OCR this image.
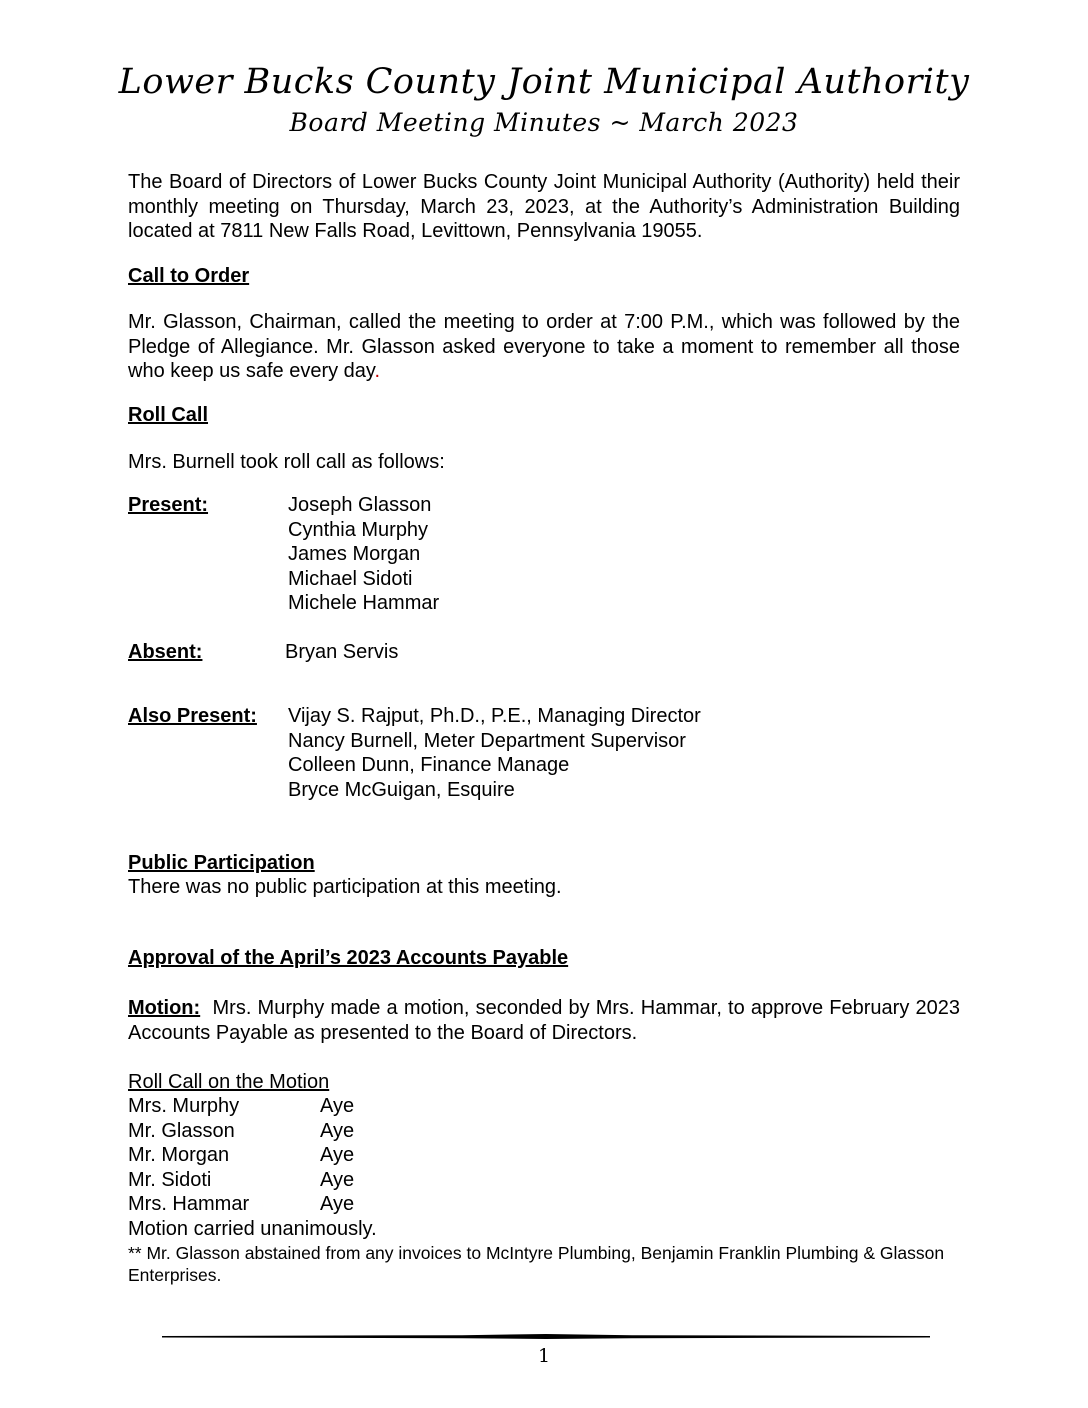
Lower Bucks County Joint Municipal Authority
Board Meeting Minutes ~ March 2023
The Board of Directors of Lower Bucks County Joint Municipal Authority (Authority) held their monthly meeting on Thursday, March 23, 2023, at the Authority’s Administration Building located at 7811 New Falls Road, Levittown, Pennsylvania 19055.
Call to Order
Mr. Glasson, Chairman, called the meeting to order at 7:00 P.M., which was followed by the Pledge of Allegiance. Mr. Glasson asked everyone to take a moment to remember all those who keep us safe every day.
Roll Call
Mrs. Burnell took roll call as follows:
Present:	Joseph Glasson
Cynthia Murphy
James Morgan
Michael Sidoti
Michele Hammar
Absent:	Bryan Servis
Also Present: Vijay S. Rajput, Ph.D., P.E., Managing Director
Nancy Burnell, Meter Department Supervisor
Colleen Dunn, Finance Manage
Bryce McGuigan, Esquire
Public Participation
There was no public participation at this meeting.
Approval of the April’s 2023 Accounts Payable
Motion: Mrs. Murphy made a motion, seconded by Mrs. Hammar, to approve February 2023 Accounts Payable as presented to the Board of Directors.
Roll Call on the Motion
Mrs. Murphy	Aye
Mr. Glasson	Aye
Mr. Morgan	Aye
Mr. Sidoti	Aye
Mrs. Hammar	Aye
Motion carried unanimously.
** Mr. Glasson abstained from any invoices to McIntyre Plumbing, Benjamin Franklin Plumbing & Glasson Enterprises.
1
